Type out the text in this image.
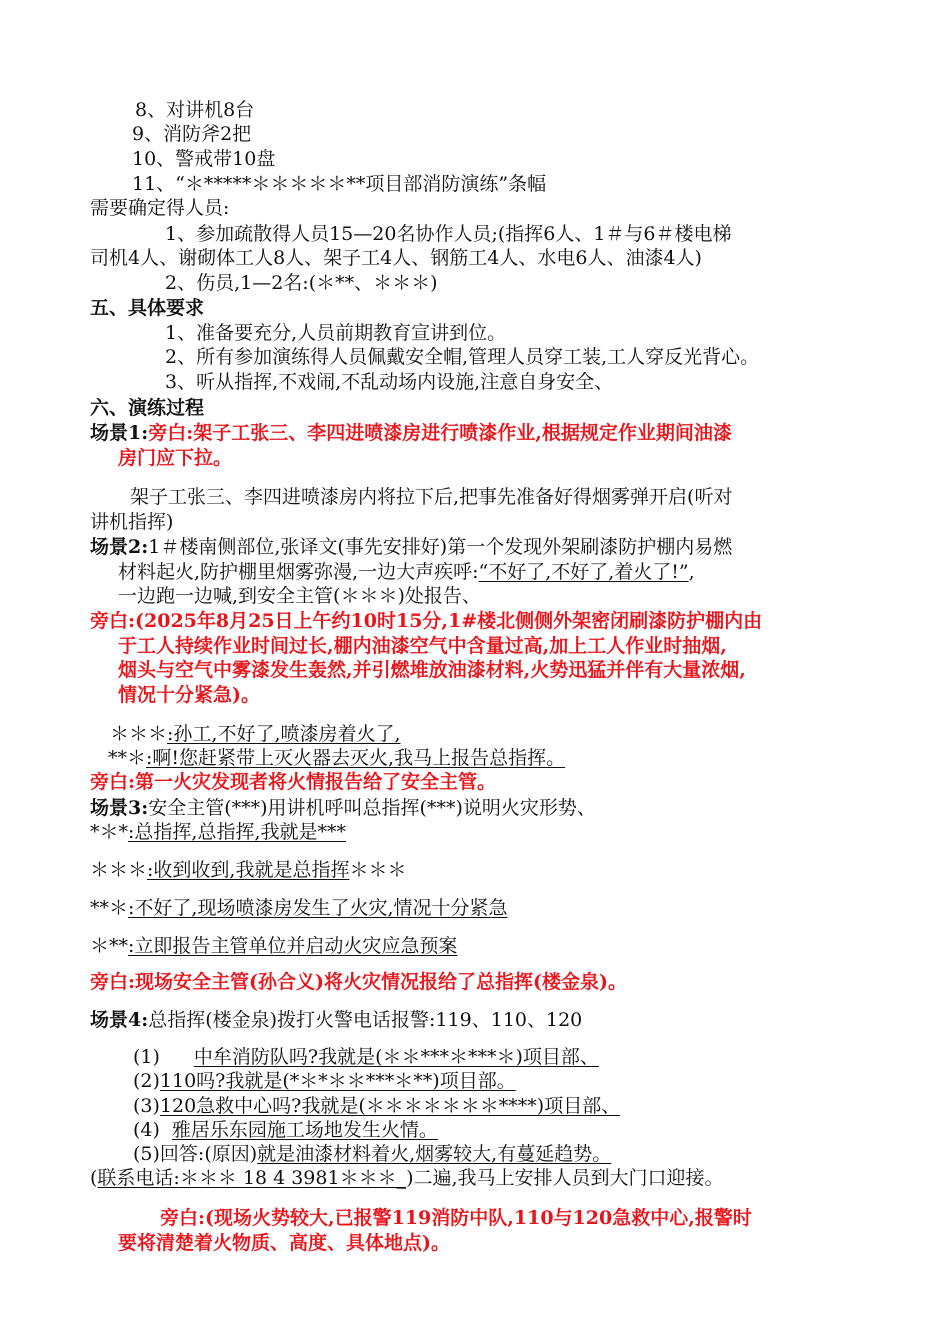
8、对讲机8台
9、消防斧2把
10、警戒带10盘
11、“＊*****＊＊＊＊＊**项目部消防演练”条幅
需要确定得人员:
1、参加疏散得人员15—20名协作人员;(指挥6人、1＃与6＃楼电梯
司机4人、谢砌体工人8人、架子工4人、钢筋工4人、水电6人、油漆4人)
2、伤员,1—2名:(＊**、＊＊＊)
五、具体要求
1、准备要充分,人员前期教育宣讲到位。
2、所有参加演练得人员佩戴安全帽,管理人员穿工装,工人穿反光背心。
3、听从指挥,不戏闹,不乱动场内设施,注意自身安全、
六、演练过程
场景1:旁白:架子工张三、李四进喷漆房进行喷漆作业,根据规定作业期间油漆
房门应下拉。
架子工张三、李四进喷漆房内将拉下后,把事先准备好得烟雾弹开启(听对
讲机指挥)
场景2:1＃楼南侧部位,张译文(事先安排好)第一个发现外架刷漆防护棚内易燃
材料起火,防护棚里烟雾弥漫,一边大声疾呼:“不好了,不好了,着火了!”,
一边跑一边喊,到安全主管(＊＊＊)处报告、
旁白:(2025年8月25日上午约10时15分,1#楼北侧侧外架密闭刷漆防护棚内由
于工人持续作业时间过长,棚内油漆空气中含量过高,加上工人作业时抽烟,
烟头与空气中雾漆发生轰然,并引燃堆放油漆材料,火势迅猛并伴有大量浓烟,
情况十分紧急)。
＊＊＊:孙工,不好了,喷漆房着火了,
**＊:啊!您赶紧带上灭火器去灭火,我马上报告总指挥。
旁白:第一火灾发现者将火情报告给了安全主管。
场景3:安全主管(***)用讲机呼叫总指挥(***)说明火灾形势、
*＊*:总指挥,总指挥,我就是***
＊＊＊:收到收到,我就是总指挥＊＊＊
**＊:不好了,现场喷漆房发生了火灾,情况十分紧急
＊**:立即报告主管单位并启动火灾应急预案
旁白:现场安全主管(孙合义)将火灾情况报给了总指挥(楼金泉)。
场景4:总指挥(楼金泉)拨打火警电话报警:119、110、120
(1) 中牟消防队吗?我就是(＊＊***＊***＊)项目部、
(2)110吗?我就是(*＊*＊＊***＊**)项目部。
(3)120急救中心吗?我就是(＊＊＊＊＊＊＊****)项目部、
(4) 雅居乐东园施工场地发生火情。
(5)回答:(原因)就是油漆材料着火,烟雾较大,有蔓延趋势。
(联系电话:＊＊＊ 18 4 3981＊＊＊_)二遍,我马上安排人员到大门口迎接。
旁白:(现场火势较大,已报警119消防中队,110与120急救中心,报警时
要将清楚着火物质、高度、具体地点)。
